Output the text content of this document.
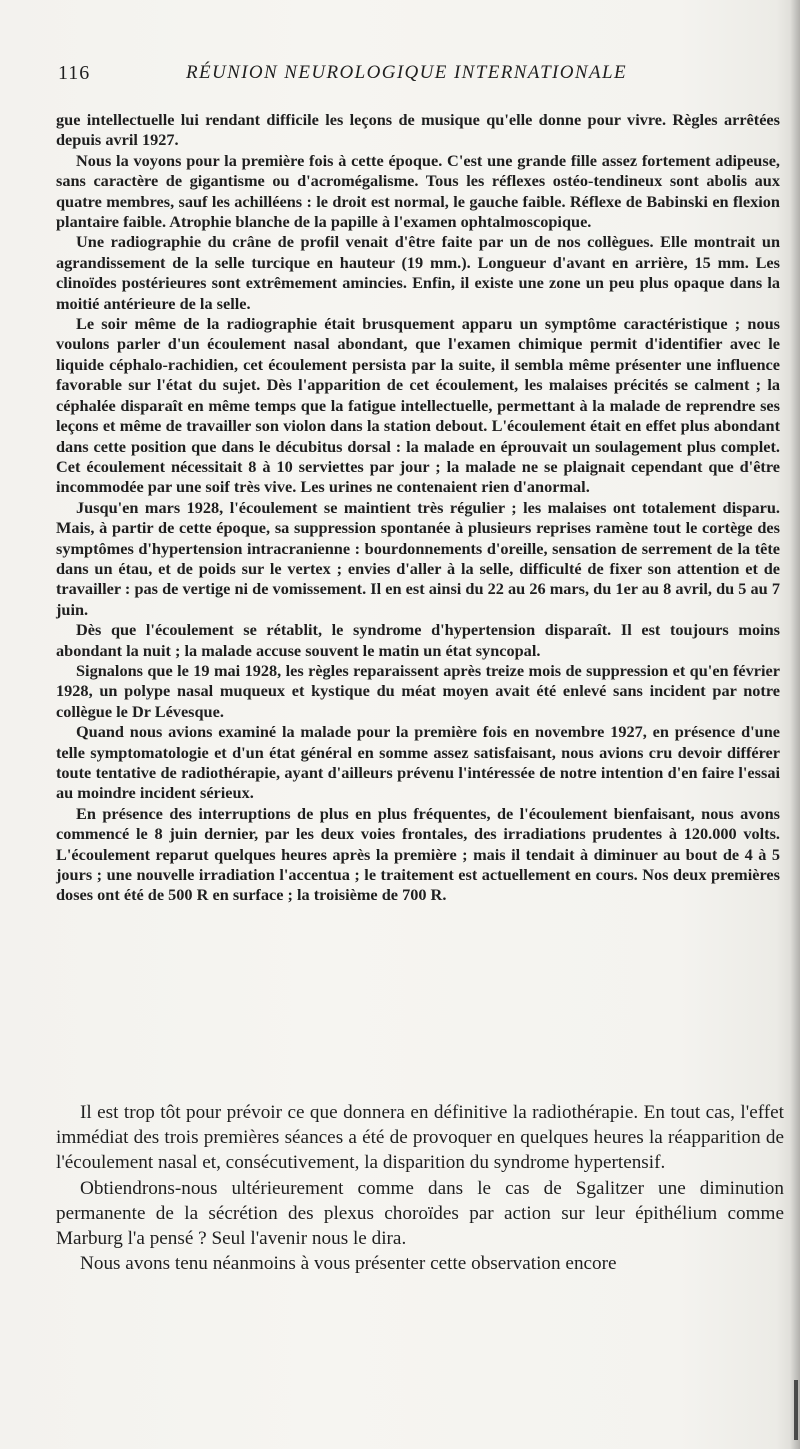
116	RÉUNION NEUROLOGIQUE INTERNATIONALE

gue intellectuelle lui rendant difficile les leçons de musique qu'elle donne pour vivre. Règles arrêtées depuis avril 1927.

Nous la voyons pour la première fois à cette époque. C'est une grande fille assez fortement adipeuse, sans caractère de gigantisme ou d'acromégalisme. Tous les réflexes ostéo-tendineux sont abolis aux quatre membres, sauf les achilléens : le droit est normal, le gauche faible. Réflexe de Babinski en flexion plantaire faible. Atrophie blanche de la papille à l'examen ophtalmoscopique.

Une radiographie du crâne de profil venait d'être faite par un de nos collègues. Elle montrait un agrandissement de la selle turcique en hauteur (19 mm.). Longueur d'avant en arrière, 15 mm. Les clinoïdes postérieures sont extrêmement amincies. Enfin, il existe une zone un peu plus opaque dans la moitié antérieure de la selle.

Le soir même de la radiographie était brusquement apparu un symptôme caractéristique ; nous voulons parler d'un écoulement nasal abondant, que l'examen chimique permit d'identifier avec le liquide céphalo-rachidien, cet écoulement persista par la suite, il sembla même présenter une influence favorable sur l'état du sujet. Dès l'apparition de cet écoulement, les malaises précités se calment ; la céphalée disparaît en même temps que la fatigue intellectuelle, permettant à la malade de reprendre ses leçons et même de travailler son violon dans la station debout. L'écoulement était en effet plus abondant dans cette position que dans le décubitus dorsal : la malade en éprouvait un soulagement plus complet. Cet écoulement nécessitait 8 à 10 serviettes par jour ; la malade ne se plaignait cependant que d'être incommodée par une soif très vive. Les urines ne contenaient rien d'anormal.

Jusqu'en mars 1928, l'écoulement se maintient très régulier ; les malaises ont totalement disparu. Mais, à partir de cette époque, sa suppression spontanée à plusieurs reprises ramène tout le cortège des symptômes d'hypertension intracranienne : bourdonnements d'oreille, sensation de serrement de la tête dans un étau, et de poids sur le vertex ; envies d'aller à la selle, difficulté de fixer son attention et de travailler : pas de vertige ni de vomissement. Il en est ainsi du 22 au 26 mars, du 1er au 8 avril, du 5 au 7 juin.

Dès que l'écoulement se rétablit, le syndrome d'hypertension disparaît. Il est toujours moins abondant la nuit ; la malade accuse souvent le matin un état syncopal.

Signalons que le 19 mai 1928, les règles reparaissent après treize mois de suppression et qu'en février 1928, un polype nasal muqueux et kystique du méat moyen avait été enlevé sans incident par notre collègue le Dr Lévesque.

Quand nous avions examiné la malade pour la première fois en novembre 1927, en présence d'une telle symptomatologie et d'un état général en somme assez satisfaisant, nous avions cru devoir différer toute tentative de radiothérapie, ayant d'ailleurs prévenu l'intéressée de notre intention d'en faire l'essai au moindre incident sérieux.

En présence des interruptions de plus en plus fréquentes, de l'écoulement bienfaisant, nous avons commencé le 8 juin dernier, par les deux voies frontales, des irradiations prudentes à 120.000 volts. L'écoulement reparut quelques heures après la première ; mais il tendait à diminuer au bout de 4 à 5 jours ; une nouvelle irradiation l'accentua ; le traitement est actuellement en cours. Nos deux premières doses ont été de 500 R en surface ; la troisième de 700 R.

Il est trop tôt pour prévoir ce que donnera en définitive la radiothérapie. En tout cas, l'effet immédiat des trois premières séances a été de provoquer en quelques heures la réapparition de l'écoulement nasal et, consécutivement, la disparition du syndrome hypertensif.

Obtiendrons-nous ultérieurement comme dans le cas de Sgalitzer une diminution permanente de la sécrétion des plexus choroïdes par action sur leur épithélium comme Marburg l'a pensé ? Seul l'avenir nous le dira.

Nous avons tenu néanmoins à vous présenter cette observation encore
